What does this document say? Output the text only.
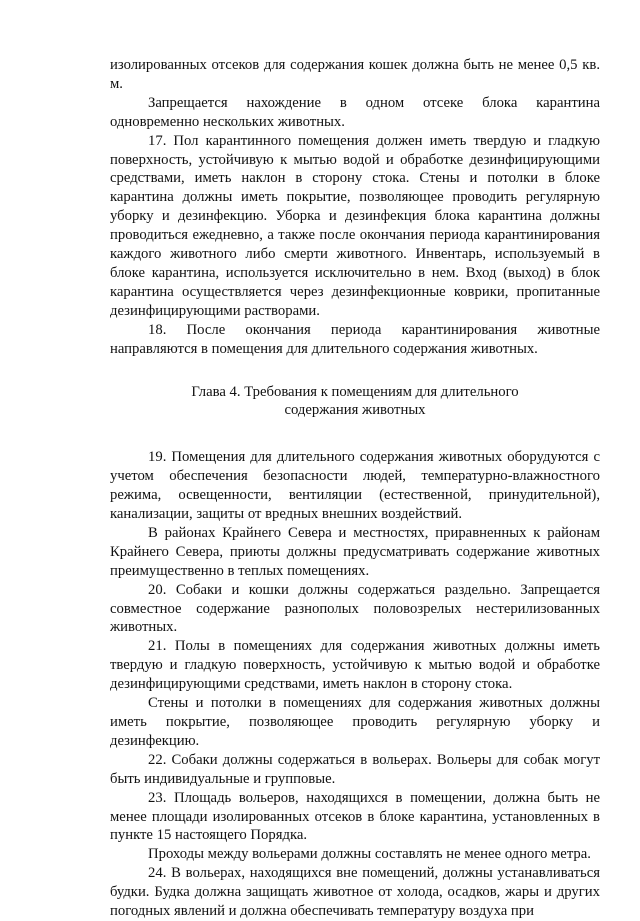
изолированных отсеков для содержания кошек должна быть не менее 0,5 кв. м.

Запрещается нахождение в одном отсеке блока карантина одновременно нескольких животных.

17. Пол карантинного помещения должен иметь твердую и гладкую поверхность, устойчивую к мытью водой и обработке дезинфицирующими средствами, иметь наклон в сторону стока. Стены и потолки в блоке карантина должны иметь покрытие, позволяющее проводить регулярную уборку и дезинфекцию. Уборка и дезинфекция блока карантина должны проводиться ежедневно, а также после окончания периода карантинирования каждого животного либо смерти животного. Инвентарь, используемый в блоке карантина, используется исключительно в нем. Вход (выход) в блок карантина осуществляется через дезинфекционные коврики, пропитанные дезинфицирующими растворами.

18. После окончания периода карантинирования животные направляются в помещения для длительного содержания животных.

Глава 4. Требования к помещениям для длительного
содержания животных

19. Помещения для длительного содержания животных оборудуются с учетом обеспечения безопасности людей, температурно-влажностного режима, освещенности, вентиляции (естественной, принудительной), канализации, защиты от вредных внешних воздействий.

В районах Крайнего Севера и местностях, приравненных к районам Крайнего Севера, приюты должны предусматривать содержание животных преимущественно в теплых помещениях.

20. Собаки и кошки должны содержаться раздельно. Запрещается совместное содержание разнополых половозрелых нестерилизованных животных.

21. Полы в помещениях для содержания животных должны иметь твердую и гладкую поверхность, устойчивую к мытью водой и обработке дезинфицирующими средствами, иметь наклон в сторону стока.

Стены и потолки в помещениях для содержания животных должны иметь покрытие, позволяющее проводить регулярную уборку и дезинфекцию.

22. Собаки должны содержаться в вольерах. Вольеры для собак могут быть индивидуальные и групповые.

23. Площадь вольеров, находящихся в помещении, должна быть не менее площади изолированных отсеков в блоке карантина, установленных в пункте 15 настоящего Порядка.

Проходы между вольерами должны составлять не менее одного метра.

24. В вольерах, находящихся вне помещений, должны устанавливаться будки. Будка должна защищать животное от холода, осадков, жары и других погодных явлений и должна обеспечивать температуру воздуха при
